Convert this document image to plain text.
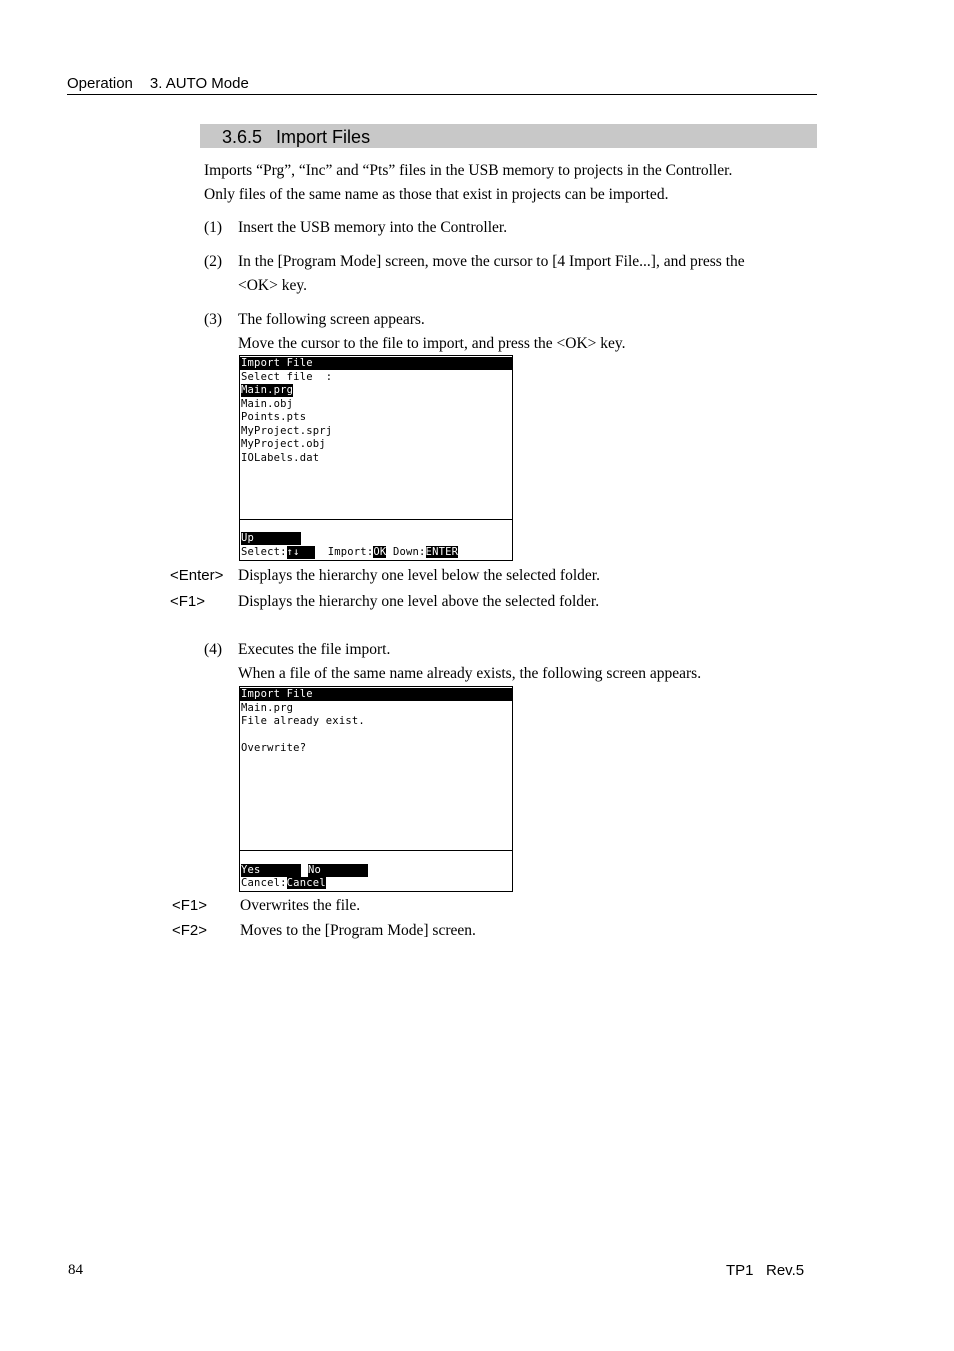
Operation 3. AUTO Mode
3.6.5 Import Files
Imports “Prg”, “Inc” and “Pts” files in the USB memory to projects in the Controller.
Only files of the same name as those that exist in projects can be imported.
(1) Insert the USB memory into the Controller.
(2) In the [Program Mode] screen, move the cursor to [4 Import File...], and press the
<OK> key.
(3) The following screen appears.
Move the cursor to the file to import, and press the <OK> key.
Import File
Select file  :
Main.prg
Main.obj
Points.pts
MyProject.sprj
MyProject.obj
IOLabels.dat
Up
Select:↑↓	Import:OK Down:ENTER
<Enter> Displays the hierarchy one level below the selected folder.
<F1> Displays the hierarchy one level above the selected folder.
(4) Executes the file import.
When a file of the same name already exists, the following screen appears.
Import File
Main.prg
File already exist.
Overwrite?
Yes	No
Cancel:Cancel
<F1> Overwrites the file.
<F2> Moves to the [Program Mode] screen.
84	TP1   Rev.5
